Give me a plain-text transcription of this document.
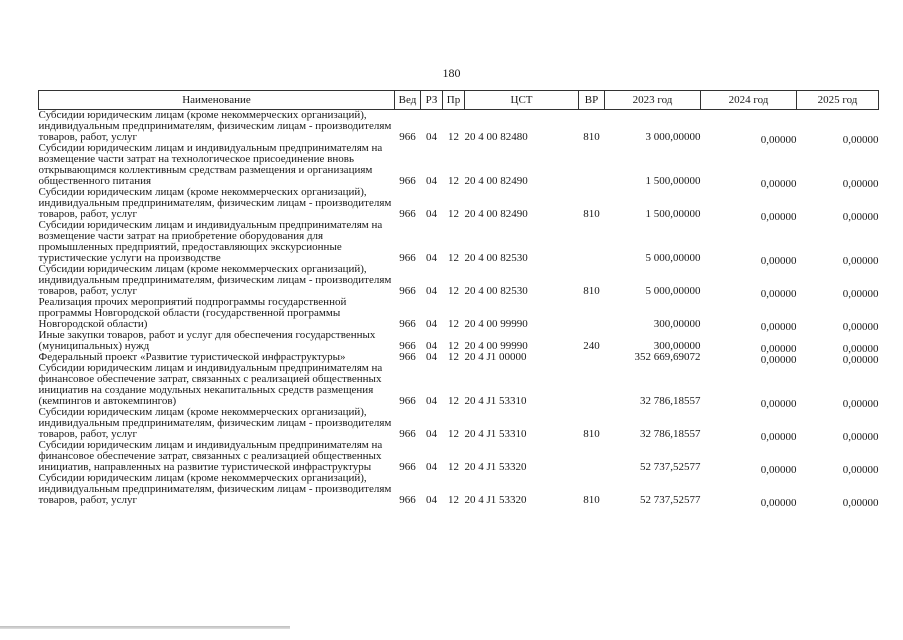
180
Наименование	Вед	РЗ	Пр	ЦСТ	ВР	2023 год	2024 год	2025 год
Субсидии юридическим лицам (кроме некоммерческих организаций), индивидуальным предпринимателям, физическим лицам - производителям товаров, работ, услуг	966	04	12	20 4 00 82480	810	3 000,00000	0,00000	0,00000
Субсидии юридическим лицам и индивидуальным предпринимателям на возмещение части затрат на технологическое присоединение вновь открывающимся коллективным средствам размещения и организациям общественного питания	966	04	12	20 4 00 82490		1 500,00000	0,00000	0,00000
Субсидии юридическим лицам (кроме некоммерческих организаций), индивидуальным предпринимателям, физическим лицам - производителям товаров, работ, услуг	966	04	12	20 4 00 82490	810	1 500,00000	0,00000	0,00000
Субсидии юридическим лицам и индивидуальным предпринимателям на возмещение части затрат на приобретение оборудования для промышленных предприятий, предоставляющих экскурсионные туристические услуги на производстве	966	04	12	20 4 00 82530		5 000,00000	0,00000	0,00000
Субсидии юридическим лицам (кроме некоммерческих организаций), индивидуальным предпринимателям, физическим лицам - производителям товаров, работ, услуг	966	04	12	20 4 00 82530	810	5 000,00000	0,00000	0,00000
Реализация прочих мероприятий подпрограммы государственной программы Новгородской области (государственной программы Новгородской области)	966	04	12	20 4 00 99990		300,00000	0,00000	0,00000
Иные закупки товаров, работ и услуг для обеспечения государственных (муниципальных) нужд	966	04	12	20 4 00 99990	240	300,00000	0,00000	0,00000
Федеральный проект «Развитие туристической инфраструктуры»	966	04	12	20 4 J1 00000		352 669,69072	0,00000	0,00000
Субсидии юридическим лицам и индивидуальным предпринимателям на финансовое обеспечение затрат, связанных с реализацией общественных инициатив на создание модульных некапитальных средств размещения (кемпингов и автокемпингов)	966	04	12	20 4 J1 53310		32 786,18557	0,00000	0,00000
Субсидии юридическим лицам (кроме некоммерческих организаций), индивидуальным предпринимателям, физическим лицам - производителям товаров, работ, услуг	966	04	12	20 4 J1 53310	810	32 786,18557	0,00000	0,00000
Субсидии юридическим лицам и индивидуальным предпринимателям на финансовое обеспечение затрат, связанных с реализацией общественных инициатив, направленных на развитие туристической инфраструктуры	966	04	12	20 4 J1 53320		52 737,52577	0,00000	0,00000
Субсидии юридическим лицам (кроме некоммерческих организаций), индивидуальным предпринимателям, физическим лицам - производителям товаров, работ, услуг	966	04	12	20 4 J1 53320	810	52 737,52577	0,00000	0,00000
